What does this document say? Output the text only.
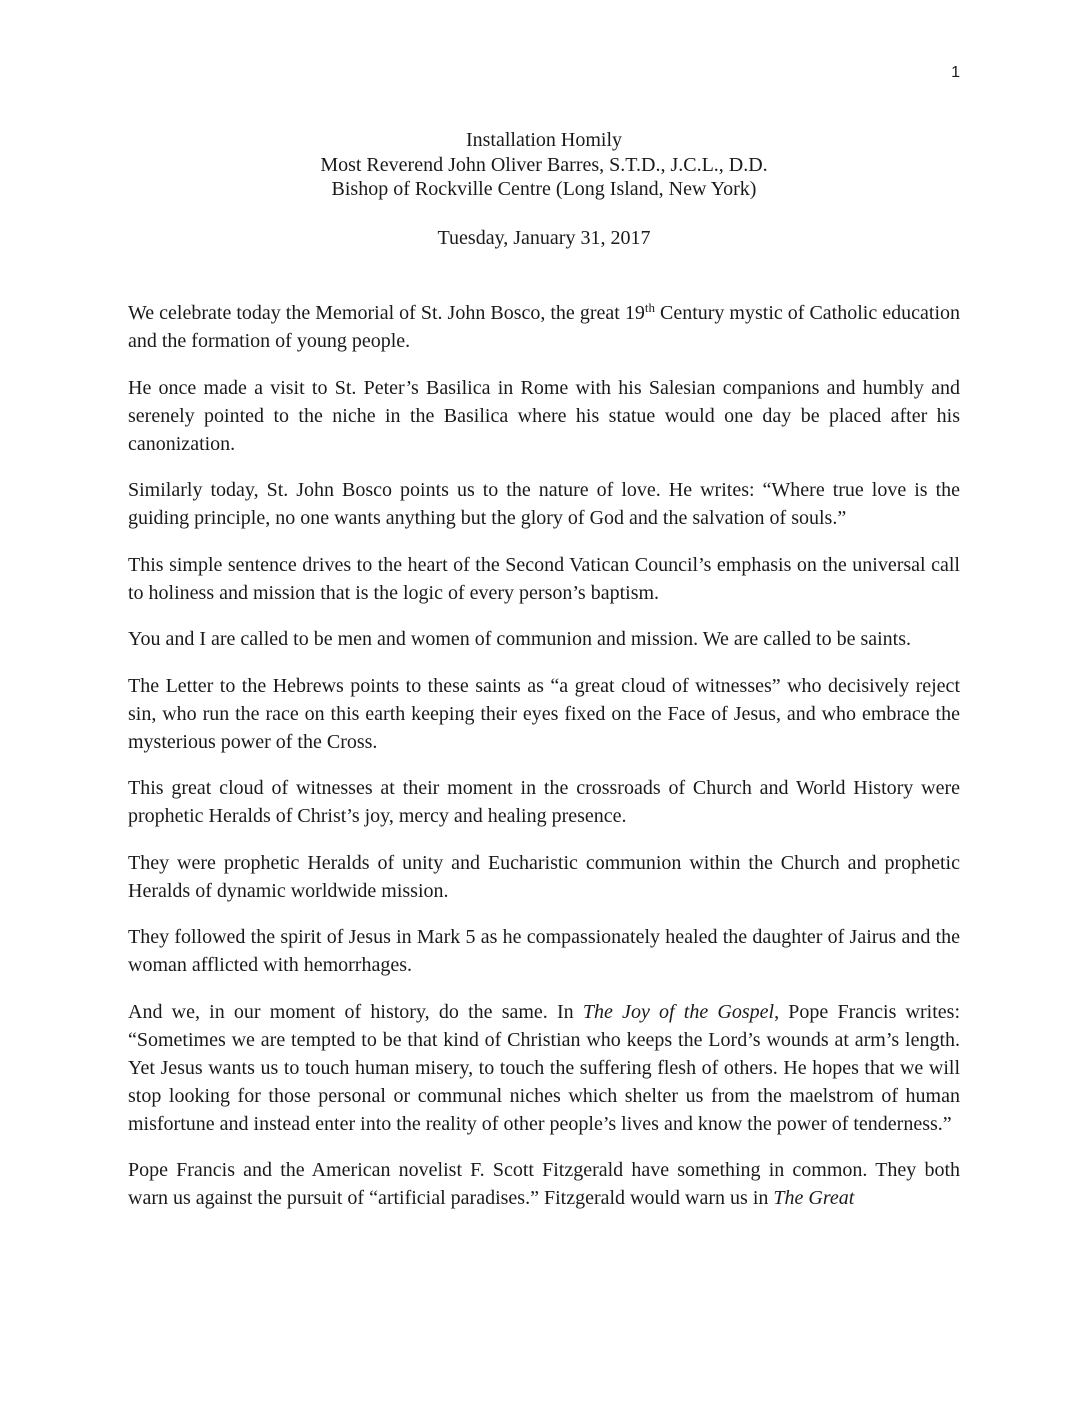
1
Installation Homily
Most Reverend John Oliver Barres, S.T.D., J.C.L., D.D.
Bishop of Rockville Centre (Long Island, New York)
Tuesday, January 31, 2017

We celebrate today the Memorial of St. John Bosco, the great 19th Century mystic of Catholic education and the formation of young people.

He once made a visit to St. Peter’s Basilica in Rome with his Salesian companions and humbly and serenely pointed to the niche in the Basilica where his statue would one day be placed after his canonization.

Similarly today, St. John Bosco points us to the nature of love. He writes: “Where true love is the guiding principle, no one wants anything but the glory of God and the salvation of souls.”

This simple sentence drives to the heart of the Second Vatican Council’s emphasis on the universal call to holiness and mission that is the logic of every person’s baptism.

You and I are called to be men and women of communion and mission. We are called to be saints.

The Letter to the Hebrews points to these saints as “a great cloud of witnesses” who decisively reject sin, who run the race on this earth keeping their eyes fixed on the Face of Jesus, and who embrace the mysterious power of the Cross.

This great cloud of witnesses at their moment in the crossroads of Church and World History were prophetic Heralds of Christ’s joy, mercy and healing presence.

They were prophetic Heralds of unity and Eucharistic communion within the Church and prophetic Heralds of dynamic worldwide mission.

They followed the spirit of Jesus in Mark 5 as he compassionately healed the daughter of Jairus and the woman afflicted with hemorrhages.

And we, in our moment of history, do the same. In The Joy of the Gospel, Pope Francis writes: “Sometimes we are tempted to be that kind of Christian who keeps the Lord’s wounds at arm’s length. Yet Jesus wants us to touch human misery, to touch the suffering flesh of others. He hopes that we will stop looking for those personal or communal niches which shelter us from the maelstrom of human misfortune and instead enter into the reality of other people’s lives and know the power of tenderness.”

Pope Francis and the American novelist F. Scott Fitzgerald have something in common. They both warn us against the pursuit of “artificial paradises.” Fitzgerald would warn us in The Great
